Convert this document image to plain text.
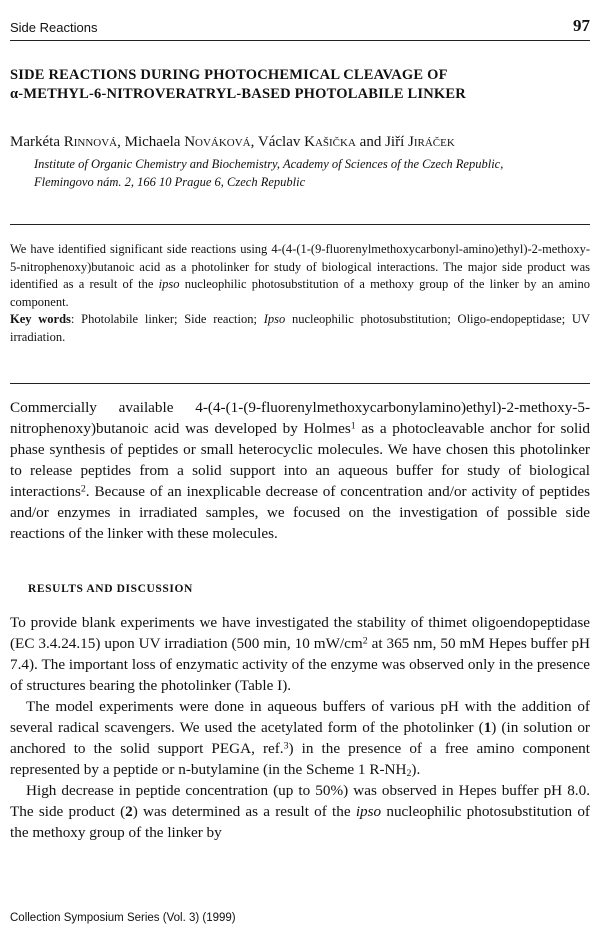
Side Reactions	97
SIDE REACTIONS DURING PHOTOCHEMICAL CLEAVAGE OF
α-METHYL-6-NITROVERATRYL-BASED PHOTOLABILE LINKER
Markéta Rinnová, Michaela Nováková, Václav Kašička and Jiří Jiráček
Institute of Organic Chemistry and Biochemistry, Academy of Sciences of the Czech Republic,
Flemingovo nám. 2, 166 10 Prague 6, Czech Republic

We have identified significant side reactions using 4-(4-(1-(9-fluorenylmethoxycarbonyl-amino)ethyl)-2-methoxy-5-nitrophenoxy)butanoic acid as a photolinker for study of biological interactions. The major side product was identified as a result of the ipso nucleophilic photosubstitution of a methoxy group of the linker by an amino component.

Key words: Photolabile linker; Side reaction; Ipso nucleophilic photosubstitution; Oligo-endopeptidase; UV irradiation.

Commercially available 4-(4-(1-(9-fluorenylmethoxycarbonylamino)ethyl)-2-methoxy-5-nitrophenoxy)butanoic acid was developed by Holmes$^1$ as a photocleavable anchor for solid phase synthesis of peptides or small heterocyclic molecules. We have chosen this photolinker to release peptides from a solid support into an aqueous buffer for study of biological interactions$^2$. Because of an inexplicable decrease of concentration and/or activity of peptides and/or enzymes in irradiated samples, we focused on the investigation of possible side reactions of the linker with these molecules.

RESULTS AND DISCUSSION

To provide blank experiments we have investigated the stability of thimet oligoendopeptidase (EC 3.4.24.15) upon UV irradiation (500 min, 10 $mW/cm^2$ at 365 nm, 50 mM Hepes buffer pH 7.4). The important loss of enzymatic activity of the enzyme was observed only in the presence of structures bearing the photolinker (Table I).

The model experiments were done in aqueous buffers of various pH with the addition of several radical scavengers. We used the acetylated form of the photolinker (1) (in solution or anchored to the solid support PEGA, ref.$^3$) in the presence of a free amino component represented by a peptide or n-butylamine (in the Scheme 1 $R-NH_2$).

High decrease in peptide concentration (up to 50%) was observed in Hepes buffer pH 8.0. The side product (2) was determined as a result of the ipso nucleophilic photosubstitution of the methoxy group of the linker by

Collection Symposium Series (Vol. 3) (1999)
